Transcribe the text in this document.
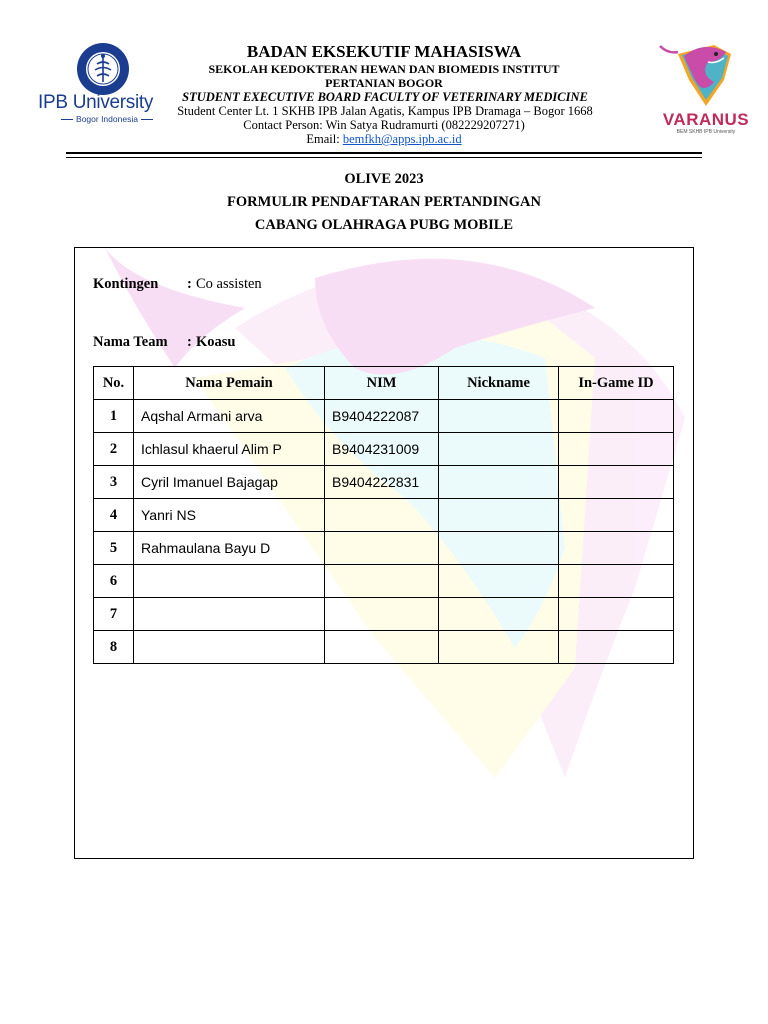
IPB University
Bogor Indonesia	VARANUS
BEM SKHB IPB University
BADAN EKSEKUTIF MAHASISWA
SEKOLAH KEDOKTERAN HEWAN DAN BIOMEDIS INSTITUT
PERTANIAN BOGOR
STUDENT EXECUTIVE BOARD FACULTY OF VETERINARY MEDICINE
Student Center Lt. 1 SKHB IPB Jalan Agatis, Kampus IPB Dramaga – Bogor 1668
Contact Person: Win Satya Rudramurti (082229207271)
Email: bemfkh@apps.ipb.ac.id
OLIVE 2023
FORMULIR PENDAFTARAN PERTANDINGAN
CABANG OLAHRAGA PUBG MOBILE
Kontingen : Co assisten
Nama Team : Koasu
No.	Nama Pemain	NIM	Nickname	In-Game ID
1	Aqshal Armani arva	B9404222087		
2	Ichlasul khaerul Alim P	B9404231009		
3	Cyril Imanuel Bajagap	B9404222831		
4	Yanri NS			
5	Rahmaulana Bayu D			
6				
7				
8				
